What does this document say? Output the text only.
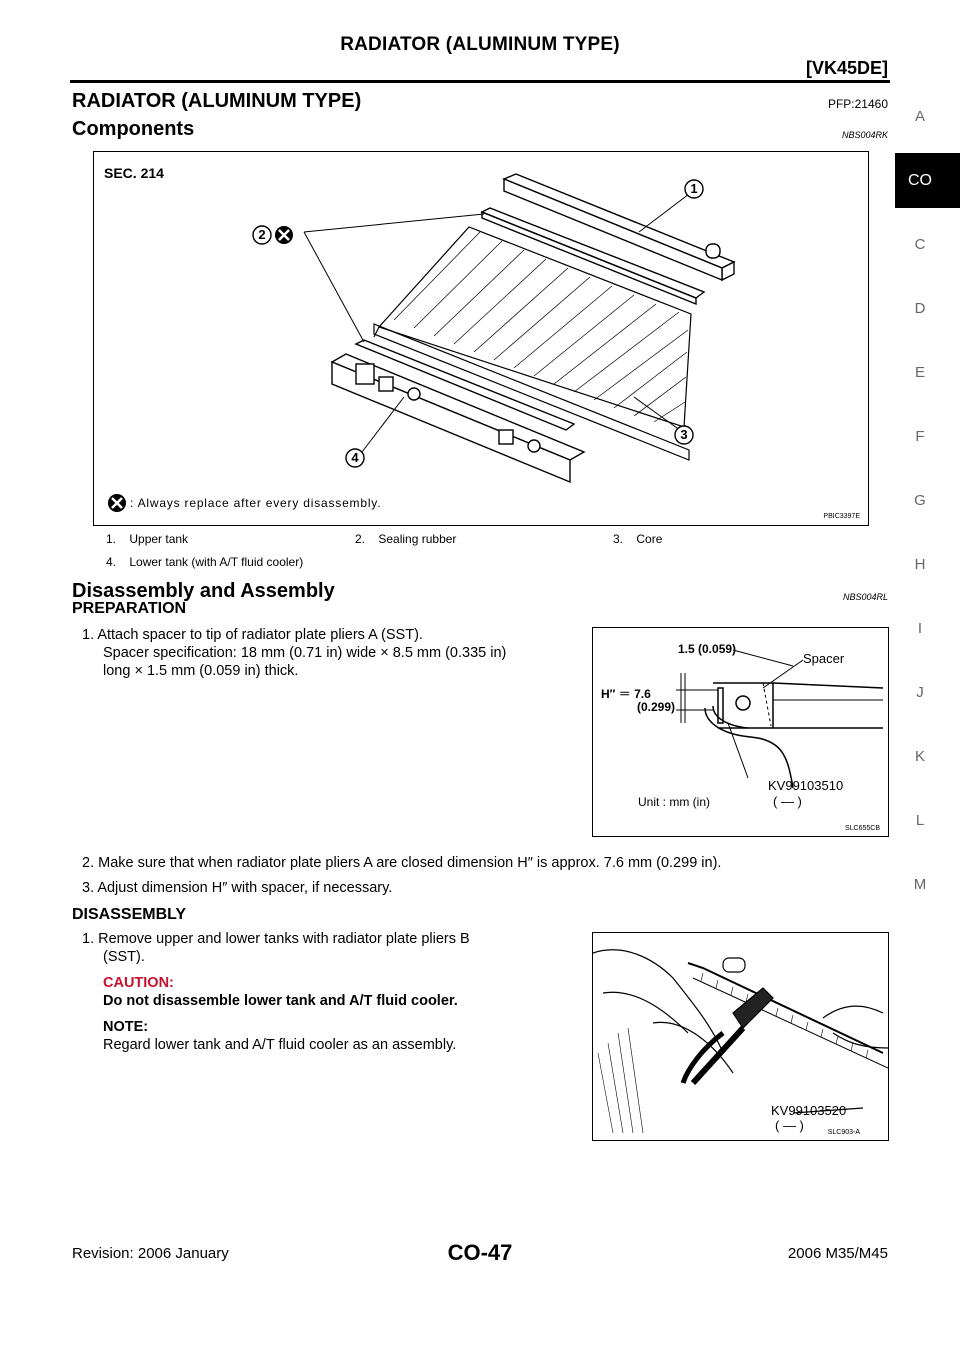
RADIATOR (ALUMINUM TYPE)
[VK45DE]
RADIATOR (ALUMINUM TYPE)	PFP:21460
Components	NBS004RK
SEC. 214
1
2
3
4
: Always replace after every disassembly.
PBIC3397E
1. Upper tank	2. Sealing rubber	3. Core
4. Lower tank (with A/T fluid cooler)
Disassembly and Assembly	NBS004RL
PREPARATION
1. Attach spacer to tip of radiator plate pliers A (SST).
Spacer specification: 18 mm (0.71 in) wide × 8.5 mm (0.335 in)
long × 1.5 mm (0.059 in) thick.
1.5 (0.059)
Spacer
H″ ＝ 7.6
(0.299)
KV99103510
( — )
Unit : mm (in)
SLC655CB
2. Make sure that when radiator plate pliers A are closed dimension H″ is approx. 7.6 mm (0.299 in).
3. Adjust dimension H″ with spacer, if necessary.
DISASSEMBLY
1. Remove upper and lower tanks with radiator plate pliers B
(SST).
CAUTION:
Do not disassemble lower tank and A/T fluid cooler.
NOTE:
Regard lower tank and A/T fluid cooler as an assembly.
KV99103520
( — )	SLC903-A
CO
A
C
D
E
F
G
H
I
J
K
L
M
Revision: 2006 January	CO-47	2006 M35/M45
